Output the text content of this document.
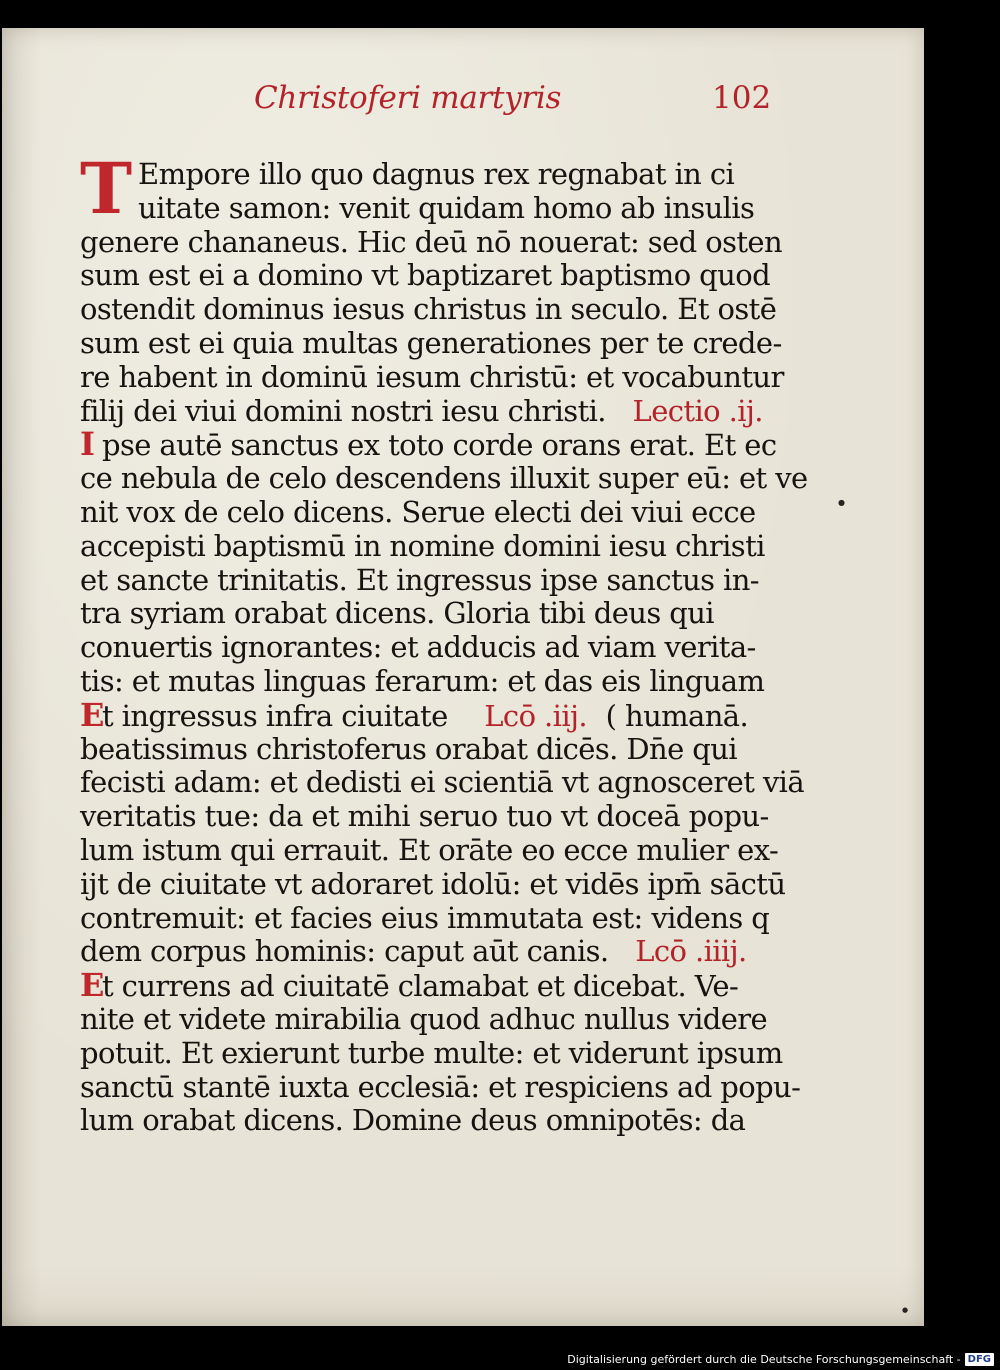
Christoferi martyris	102
T Empore illo quo dagnus rex regnabat in ci
uitate samon: venit quidam homo ab insulis
genere chananeus. Hic deū nō nouerat: sed osten
sum est ei a domino vt baptizaret baptismo quod
ostendit dominus iesus christus in seculo. Et ostē
sum est ei quia multas generationes per te crede-
re habent in dominū iesum christū: et vocabuntur
filij dei viui domini nostri iesu christi. Lectio .ij.
I pse autē sanctus ex toto corde orans erat. Et ec
ce nebula de celo descendens illuxit super eū: et ve
nit vox de celo dicens. Serue electi dei viui ecce
accepisti baptismū in nomine domini iesu christi
et sancte trinitatis. Et ingressus ipse sanctus in-
tra syriam orabat dicens. Gloria tibi deus qui
conuertis ignorantes: et adducis ad viam verita-
tis: et mutas linguas ferarum: et das eis linguam
Et ingressus infra ciuitate Lcō .iij. ( humanā.
beatissimus christoferus orabat dicēs. Dn̄e qui
fecisti adam: et dedisti ei scientiā vt agnosceret viā
veritatis tue: da et mihi seruo tuo vt doceā popu-
lum istum qui errauit. Et orāte eo ecce mulier ex-
ijt de ciuitate vt adoraret idolū: et vidēs ipm̄ sāctū
contremuit: et facies eius immutata est: videns q
dem corpus hominis: caput aūt canis. Lcō .iiij.
Et currens ad ciuitatē clamabat et dicebat. Ve-
nite et videte mirabilia quod adhuc nullus videre
potuit. Et exierunt turbe multe: et viderunt ipsum
sanctū stantē iuxta ecclesiā: et respiciens ad popu-
lum orabat dicens. Domine deus omnipotēs: da
●
●
Digitalisierung gefördert durch die Deutsche Forschungsgemeinschaft - DFG
